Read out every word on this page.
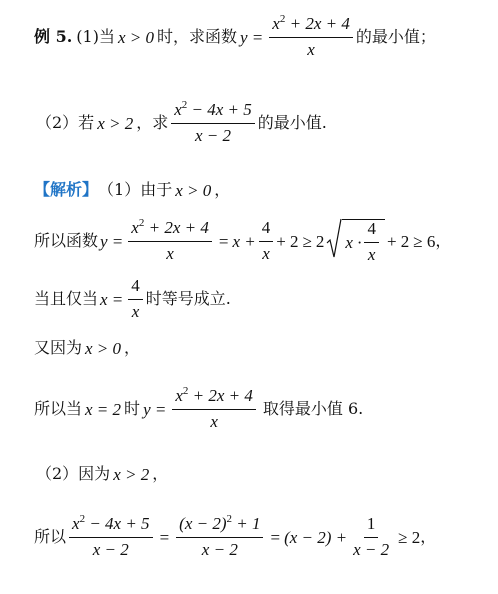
例 5. (1) 当 x > 0 时，求函数 $y = \frac{x^2 + 2x + 4}{x}$ 的最小值；
（2）若 x > 2 ，求 $\frac{x^2 - 4x + 5}{x - 2}$ 的最小值.
【解析】 （1）由于 x > 0 ，
所以函数 $y = \frac{x^2 + 2x + 4}{x} = x + \frac{4}{x} + 2 \ge 2$ $x \cdot \frac{4}{x} + 2 \ge 6$ ，
当且仅当 $x = \frac{4}{x}$ 时等号成立.
又因为 x > 0 ，
所以当 x = 2 时 $y = \frac{x^2 + 2x + 4}{x}$ 取得最小值 6.
（2）因为 x > 2 ，
所以 $\frac{x^2 - 4x + 5}{x - 2} = \frac{(x - 2)^2 + 1}{x - 2} = (x - 2) + \frac{1}{x - 2} \ge 2$ ，
